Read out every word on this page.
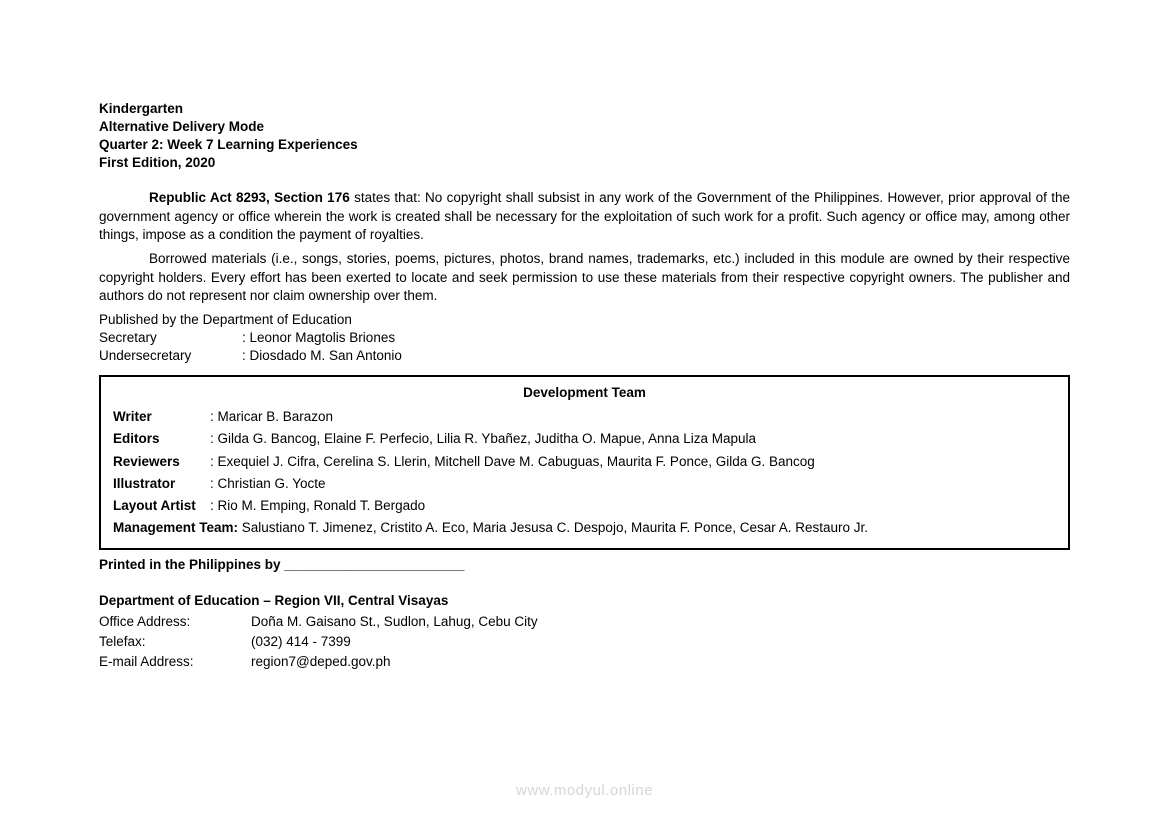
Kindergarten
Alternative Delivery Mode
Quarter 2: Week 7 Learning Experiences
First Edition, 2020

Republic Act 8293, Section 176 states that: No copyright shall subsist in any work of the Government of the Philippines. However, prior approval of the government agency or office wherein the work is created shall be necessary for the exploitation of such work for a profit. Such agency or office may, among other things, impose as a condition the payment of royalties.

Borrowed materials (i.e., songs, stories, poems, pictures, photos, brand names, trademarks, etc.) included in this module are owned by their respective copyright holders. Every effort has been exerted to locate and seek permission to use these materials from their respective copyright owners. The publisher and authors do not represent nor claim ownership over them.

Published by the Department of Education
Secretary	: Leonor Magtolis Briones
Undersecretary	: Diosdado M. San Antonio
Development Team
Writer	: Maricar B. Barazon
Editors	: Gilda G. Bancog, Elaine F. Perfecio, Lilia R. Ybañez, Juditha O. Mapue, Anna Liza Mapula
Reviewers	: Exequiel J. Cifra, Cerelina S. Llerin, Mitchell Dave M. Cabuguas, Maurita F. Ponce, Gilda G. Bancog
Illustrator	: Christian G. Yocte
Layout Artist	: Rio M. Emping, Ronald T. Bergado
Management Team: Salustiano T. Jimenez, Cristito A. Eco, Maria Jesusa C. Despojo, Maurita F. Ponce, Cesar A. Restauro Jr.
Printed in the Philippines by ________________________
Department of Education – Region VII, Central Visayas
Office Address:	Doña M. Gaisano St., Sudlon, Lahug, Cebu City
Telefax:	(032) 414 - 7399
E-mail Address:	region7@deped.gov.ph
www.modyul.online
